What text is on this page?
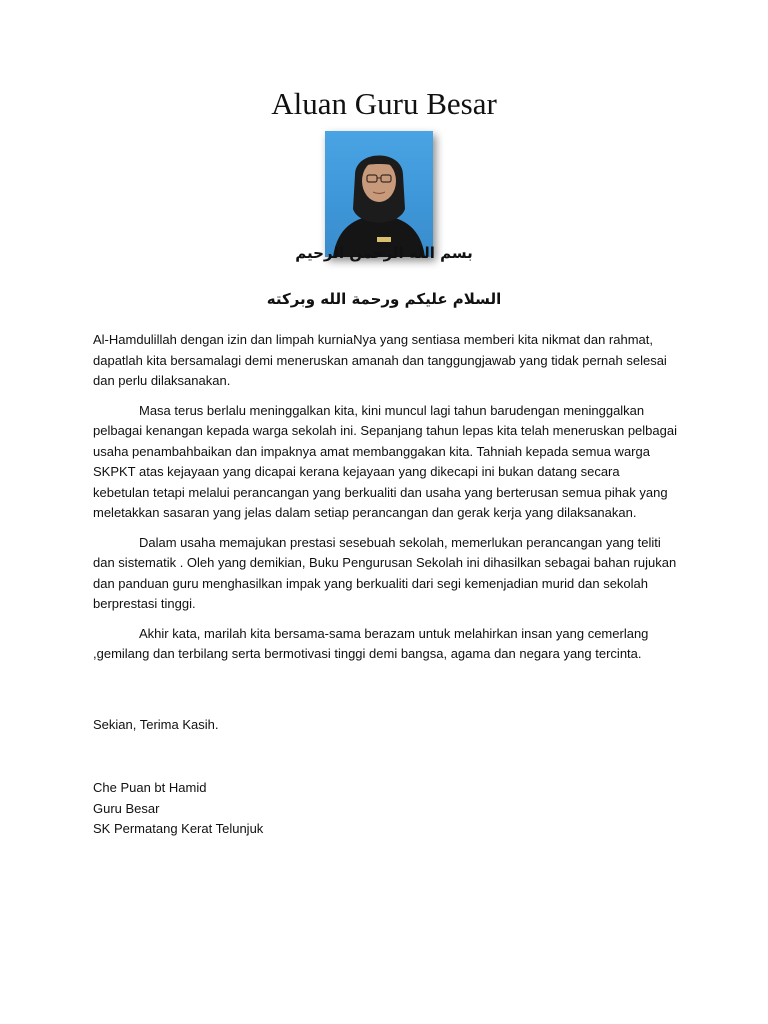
Aluan Guru Besar
بسم الله الرحمن الرحيم
السلام عليكم ورحمة الله وبركته

Al-Hamdulillah dengan izin dan limpah kurniaNya yang sentiasa memberi kita nikmat dan rahmat, dapatlah kita bersamalagi demi meneruskan amanah dan tanggungjawab yang tidak pernah selesai dan perlu dilaksanakan.

Masa terus berlalu meninggalkan kita, kini muncul lagi tahun barudengan meninggalkan pelbagai kenangan kepada warga sekolah ini. Sepanjang tahun lepas kita telah meneruskan pelbagai usaha penambahbaikan dan impaknya amat membanggakan kita. Tahniah kepada semua warga SKPKT atas kejayaan yang dicapai kerana kejayaan yang dikecapi ini bukan datang secara kebetulan tetapi melalui perancangan yang berkualiti dan usaha yang berterusan semua pihak yang meletakkan sasaran yang jelas dalam setiap perancangan dan gerak kerja yang dilaksanakan.

Dalam usaha memajukan prestasi sesebuah sekolah, memerlukan perancangan yang teliti dan sistematik . Oleh yang demikian, Buku Pengurusan Sekolah ini dihasilkan sebagai bahan rujukan dan panduan guru menghasilkan impak yang berkualiti dari segi kemenjadian murid dan sekolah berprestasi tinggi.

Akhir kata, marilah kita bersama-sama berazam untuk melahirkan insan yang cemerlang ,gemilang dan terbilang serta bermotivasi tinggi demi bangsa, agama dan negara yang tercinta.

Sekian, Terima Kasih.
Che Puan bt Hamid
Guru Besar
SK Permatang Kerat Telunjuk
